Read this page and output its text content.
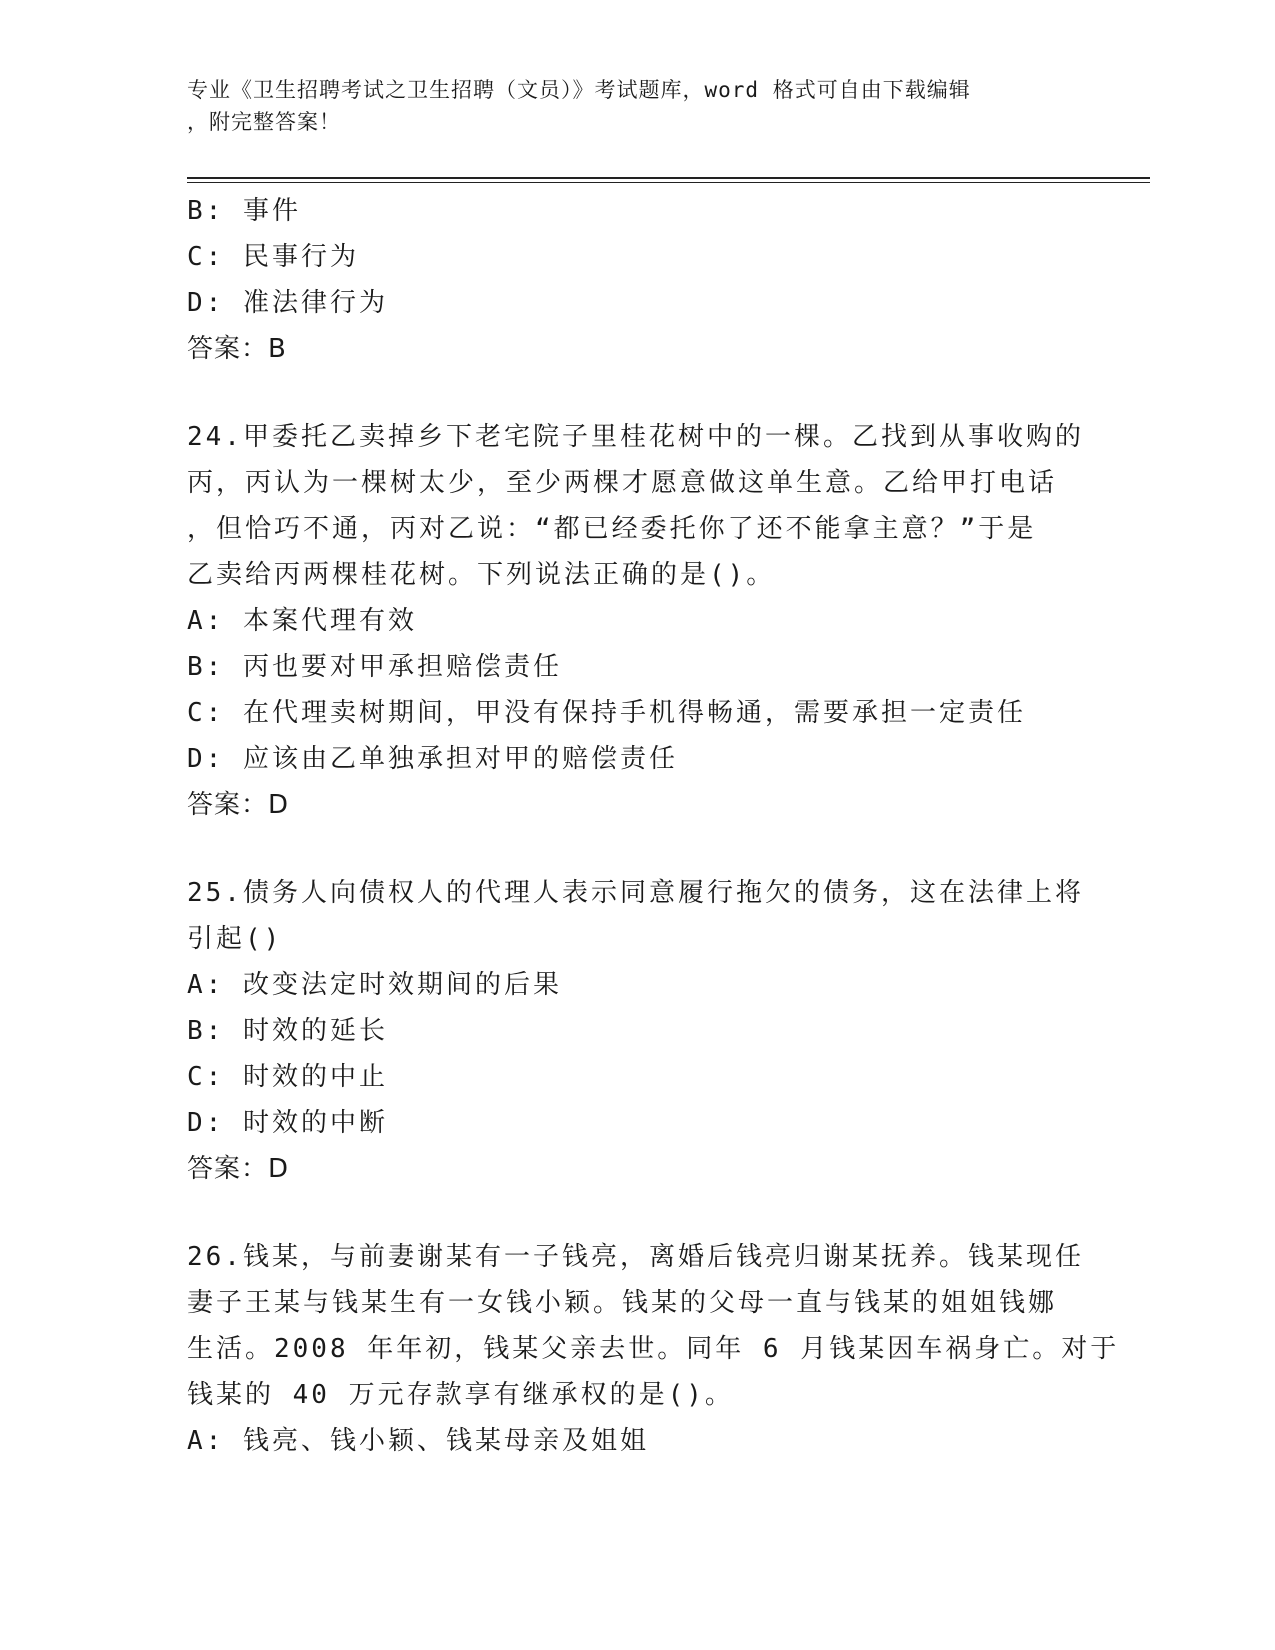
专业《卫生招聘考试之卫生招聘（文员）》考试题库，word 格式可自由下载编辑
，附完整答案！
B: 事件
C: 民事行为
D: 准法律行为
答案：B
24.甲委托乙卖掉乡下老宅院子里桂花树中的一棵。乙找到从事收购的
丙，丙认为一棵树太少，至少两棵才愿意做这单生意。乙给甲打电话
，但恰巧不通，丙对乙说：“都已经委托你了还不能拿主意？”于是
乙卖给丙两棵桂花树。下列说法正确的是()。
A: 本案代理有效
B: 丙也要对甲承担赔偿责任
C: 在代理卖树期间，甲没有保持手机得畅通，需要承担一定责任
D: 应该由乙单独承担对甲的赔偿责任
答案：D
25.债务人向债权人的代理人表示同意履行拖欠的债务，这在法律上将
引起()
A: 改变法定时效期间的后果
B: 时效的延长
C: 时效的中止
D: 时效的中断
答案：D
26.钱某，与前妻谢某有一子钱亮，离婚后钱亮归谢某抚养。钱某现任
妻子王某与钱某生有一女钱小颖。钱某的父母一直与钱某的姐姐钱娜
生活。2008 年年初，钱某父亲去世。同年 6 月钱某因车祸身亡。对于
钱某的 40 万元存款享有继承权的是()。
A: 钱亮、钱小颖、钱某母亲及姐姐
